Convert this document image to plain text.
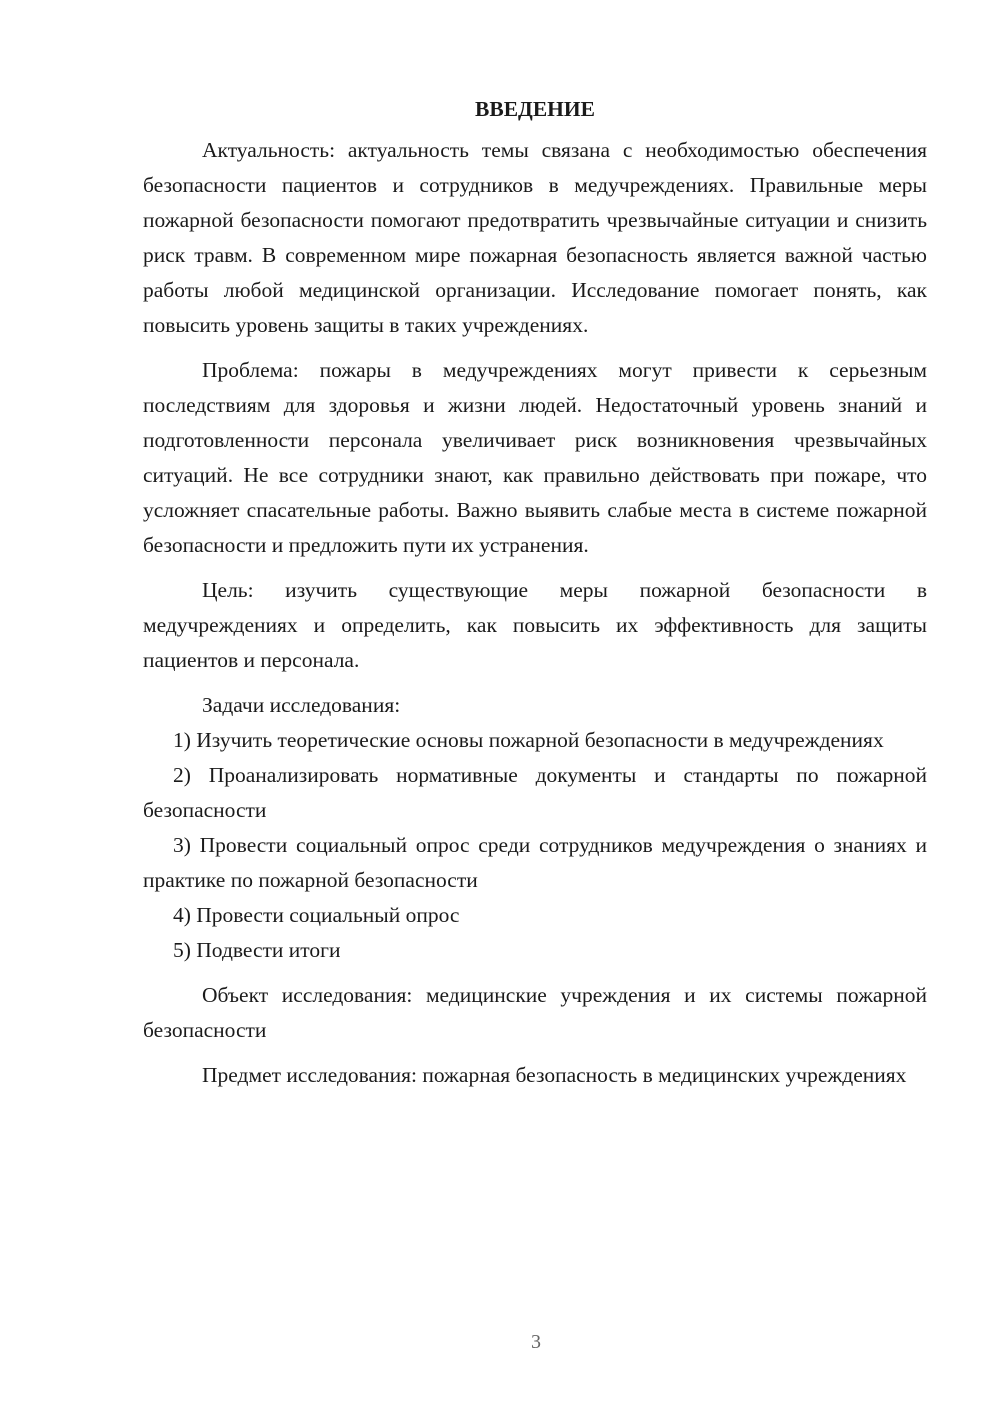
ВВЕДЕНИЕ

Актуальность: актуальность темы связана с необходимостью обеспечения безопасности пациентов и сотрудников в медучреждениях. Правильные меры пожарной безопасности помогают предотвратить чрезвычайные ситуации и снизить риск травм. В современном мире пожарная безопасность является важной частью работы любой медицинской организации. Исследование помогает понять, как повысить уровень защиты в таких учреждениях.

Проблема: пожары в медучреждениях могут привести к серьезным последствиям для здоровья и жизни людей. Недостаточный уровень знаний и подготовленности персонала увеличивает риск возникновения чрезвычайных ситуаций. Не все сотрудники знают, как правильно действовать при пожаре, что усложняет спасательные работы. Важно выявить слабые места в системе пожарной безопасности и предложить пути их устранения.

Цель: изучить существующие меры пожарной безопасности в медучреждениях и определить, как повысить их эффективность для защиты пациентов и персонала.

Задачи исследования:

1) Изучить теоретические основы пожарной безопасности в медучреждениях

2) Проанализировать нормативные документы и стандарты по пожарной безопасности

3) Провести социальный опрос среди сотрудников медучреждения о знаниях и практике по пожарной безопасности

4) Провести социальный опрос

5) Подвести итоги

Объект исследования: медицинские учреждения и их системы пожарной безопасности

Предмет исследования: пожарная безопасность в медицинских учреждениях

3
